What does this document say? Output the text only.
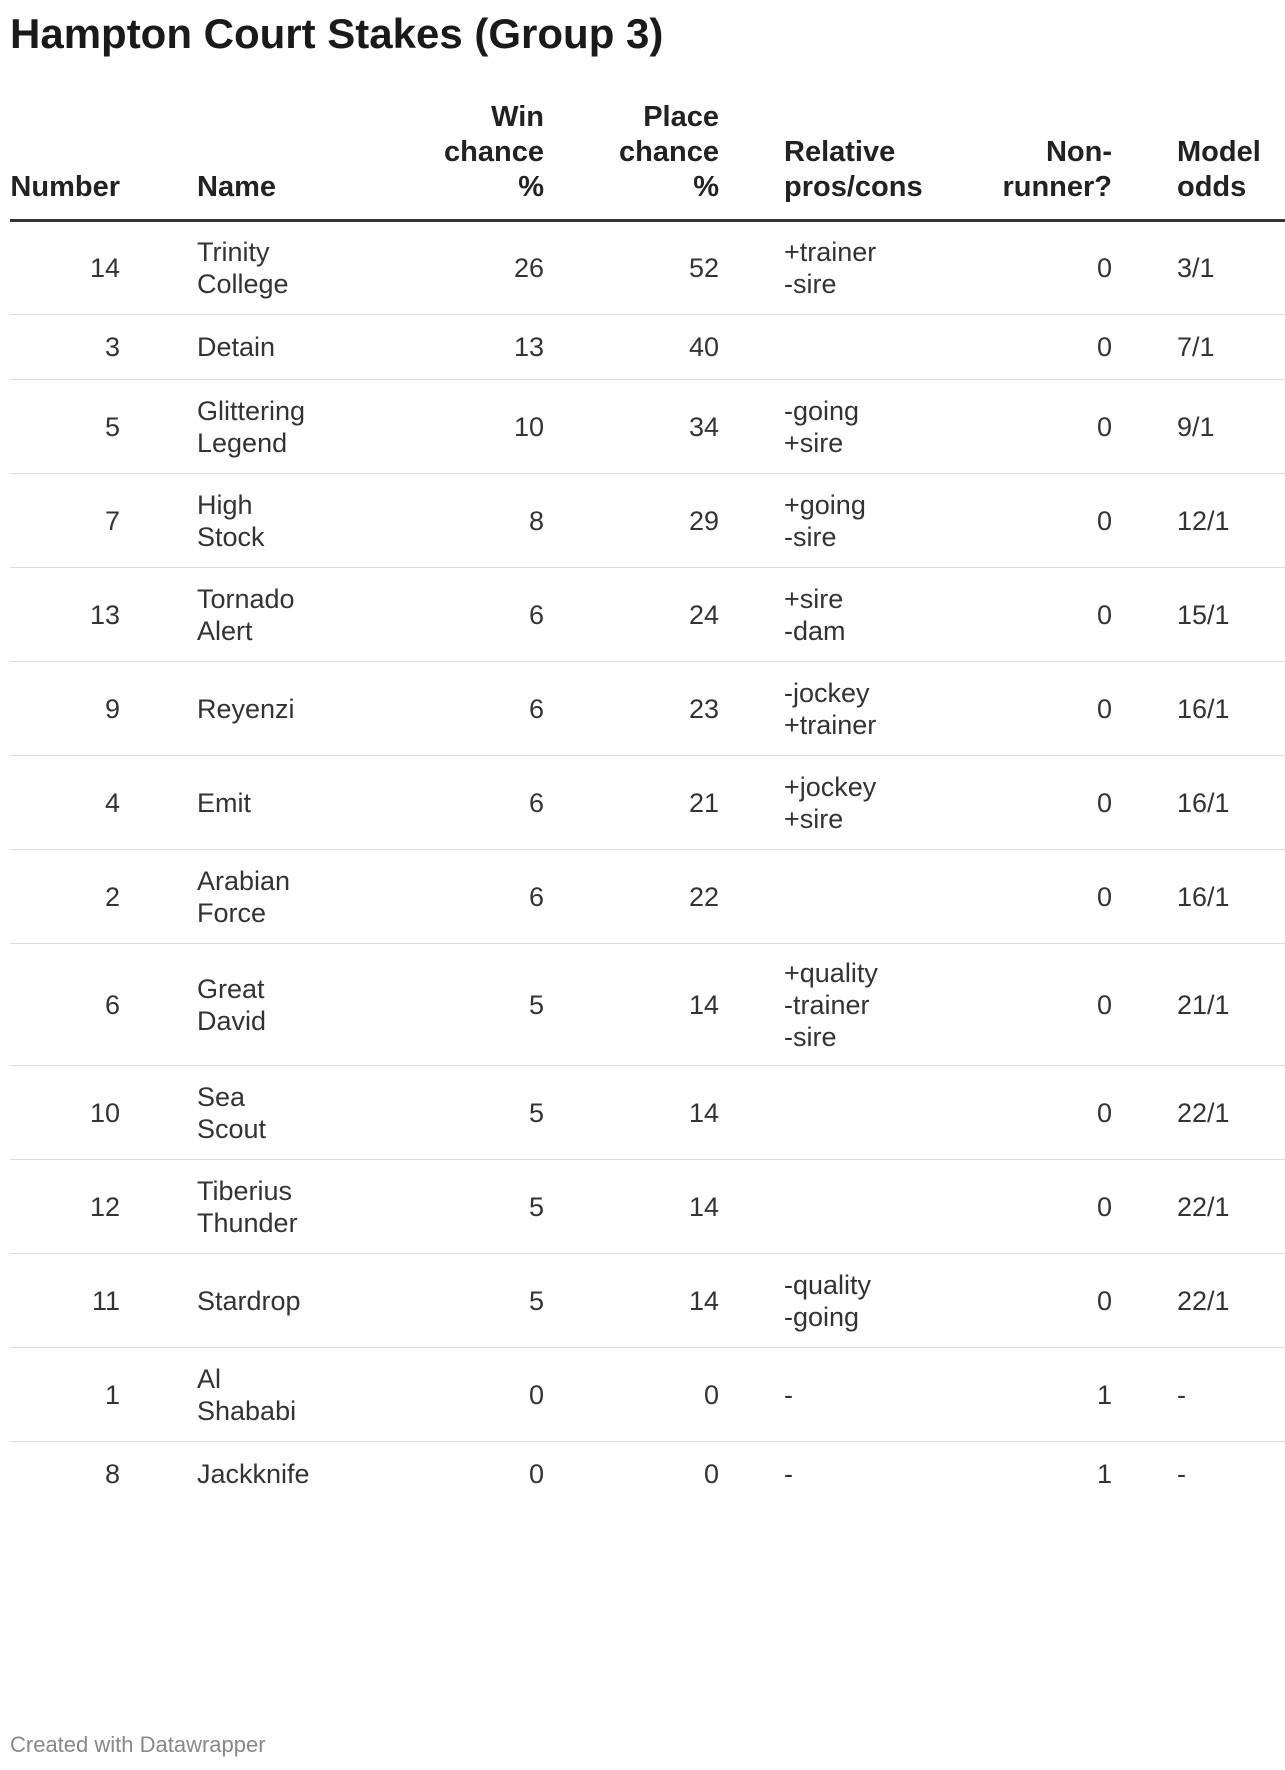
Hampton Court Stakes (Group 3)
Number	Name	Win
chance
%	Place
chance
%	Relative
pros/cons	Non-
runner?	Model
odds
14	Trinity
College	26	52	+trainer
-sire	0	3/1
3	Detain	13	40		0	7/1
5	Glittering
Legend	10	34	-going
+sire	0	9/1
7	High
Stock	8	29	+going
-sire	0	12/1
13	Tornado
Alert	6	24	+sire
-dam	0	15/1
9	Reyenzi	6	23	-jockey
+trainer	0	16/1
4	Emit	6	21	+jockey
+sire	0	16/1
2	Arabian
Force	6	22		0	16/1
6	Great
David	5	14	+quality
-trainer
-sire	0	21/1
10	Sea
Scout	5	14		0	22/1
12	Tiberius
Thunder	5	14		0	22/1
11	Stardrop	5	14	-quality
-going	0	22/1
1	Al
Shababi	0	0	-	1	-
8	Jackknife	0	0	-	1	-
Created with Datawrapper
